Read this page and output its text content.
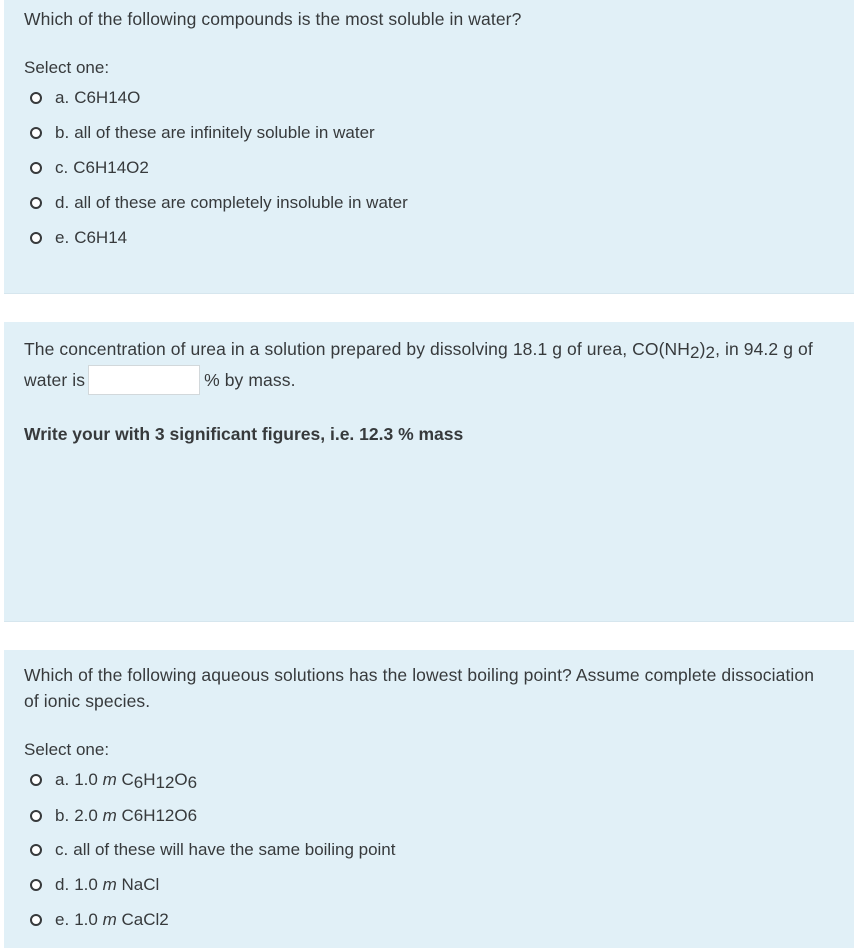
Which of the following compounds is the most soluble in water?
Select one:
a. C6H14O
b. all of these are infinitely soluble in water
c. C6H14O2
d. all of these are completely insoluble in water
e. C6H14
The concentration of urea in a solution prepared by dissolving 18.1 g of urea, $CO(NH_2)_2$, in 94.2 g of water is	% by mass.
Write your with 3 significant figures, i.e. 12.3 % mass
Which of the following aqueous solutions has the lowest boiling point? Assume complete dissociation of ionic species.
Select one:
a. 1.0
m
$C_6H_{12}O_6$
b. 2.0
m
C6H12O6
c. all of these will have the same boiling point
d. 1.0
m
NaCl
e. 1.0
m
CaCl2
